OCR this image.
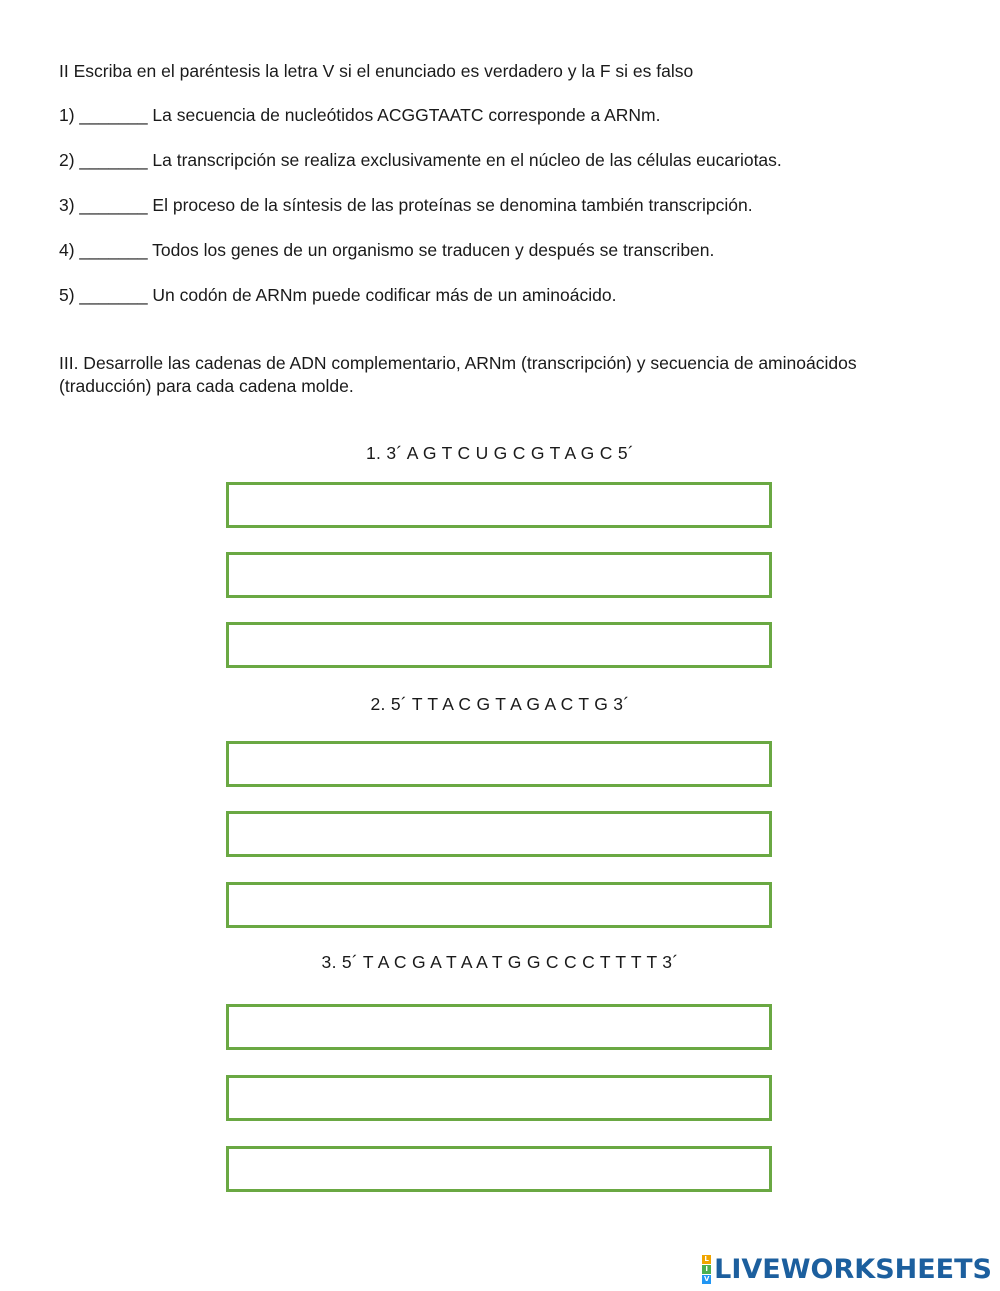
II Escriba en el paréntesis la letra V si el enunciado es verdadero y la F si es falso
1) _______ La secuencia de nucleótidos ACGGTAATC corresponde a ARNm.
2) _______ La transcripción se realiza exclusivamente en el núcleo de las células eucariotas.
3) _______ El proceso de la síntesis de las proteínas se denomina también transcripción.
4) _______ Todos los genes de un organismo se traducen y después se transcriben.
5) _______ Un codón de ARNm puede codificar más de un aminoácido.
III. Desarrolle las cadenas de ADN complementario, ARNm (transcripción) y secuencia de aminoácidos (traducción) para cada cadena molde.
1. 3´ A G T C U G C G T A G C 5´
2. 5´ T T A C G T A G A C T G 3´
3. 5´ T A C G A T A A T G G C C C T T T T 3´
L
I
V LIVEWORKSHEETS
